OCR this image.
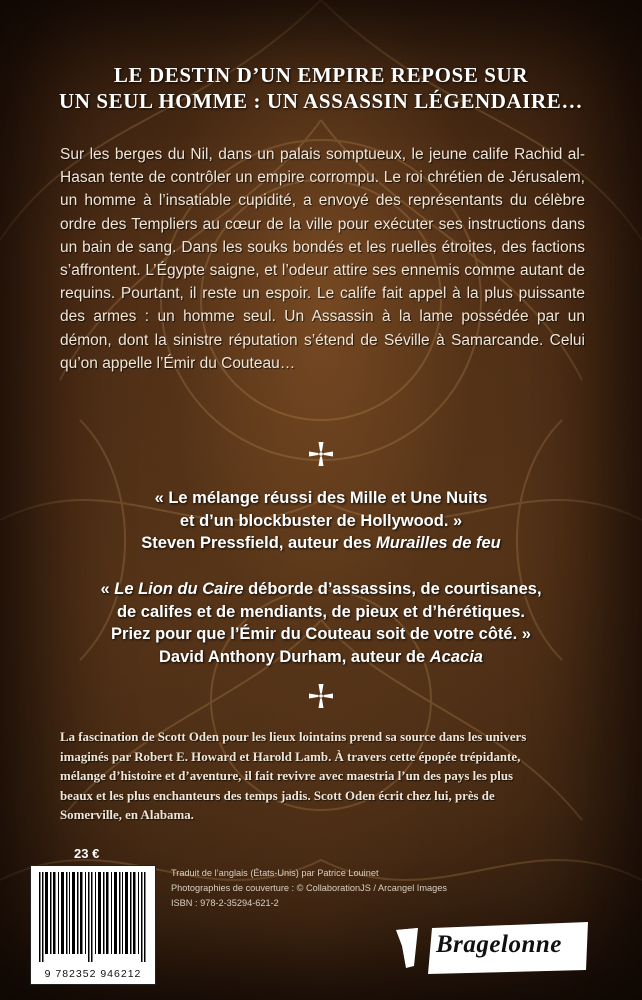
LE DESTIN D’UN EMPIRE REPOSE SUR
UN SEUL HOMME : UN ASSASSIN LÉGENDAIRE…
Sur les berges du Nil, dans un palais somptueux, le jeune calife Rachid al-Hasan tente de contrôler un empire corrompu. Le roi chrétien de Jérusalem, un homme à l’insatiable cupidité, a envoyé des représentants du célèbre ordre des Templiers au cœur de la ville pour exécuter ses instructions dans un bain de sang. Dans les souks bondés et les ruelles étroites, des factions s’affrontent. L’Égypte saigne, et l’odeur attire ses ennemis comme autant de requins. Pourtant, il reste un espoir. Le calife fait appel à la plus puissante des armes : un homme seul. Un Assassin à la lame possédée par un démon, dont la sinistre réputation s’étend de Séville à Samarcande. Celui qu’on appelle l’Émir du Couteau…
« Le mélange réussi des Mille et Une Nuits
et d’un blockbuster de Hollywood. »
Steven Pressfield, auteur des Murailles de feu
« Le Lion du Caire déborde d’assassins, de courtisanes,
de califes et de mendiants, de pieux et d’hérétiques.
Priez pour que l’Émir du Couteau soit de votre côté. »
David Anthony Durham, auteur de Acacia
La fascination de Scott Oden pour les lieux lointains prend sa source dans les univers
imaginés par Robert E. Howard et Harold Lamb. À travers cette épopée trépidante,
mélange d’histoire et d’aventure, il fait revivre avec maestria l’un des pays les plus
beaux et les plus enchanteurs des temps jadis. Scott Oden écrit chez lui, près de
Somerville, en Alabama.
23 €
9 782352 946212
Traduit de l’anglais (États-Unis) par Patrice Louinet
Photographies de couverture : © CollaborationJS / Arcangel Images
ISBN : 978-2-35294-621-2
Bragelonne
